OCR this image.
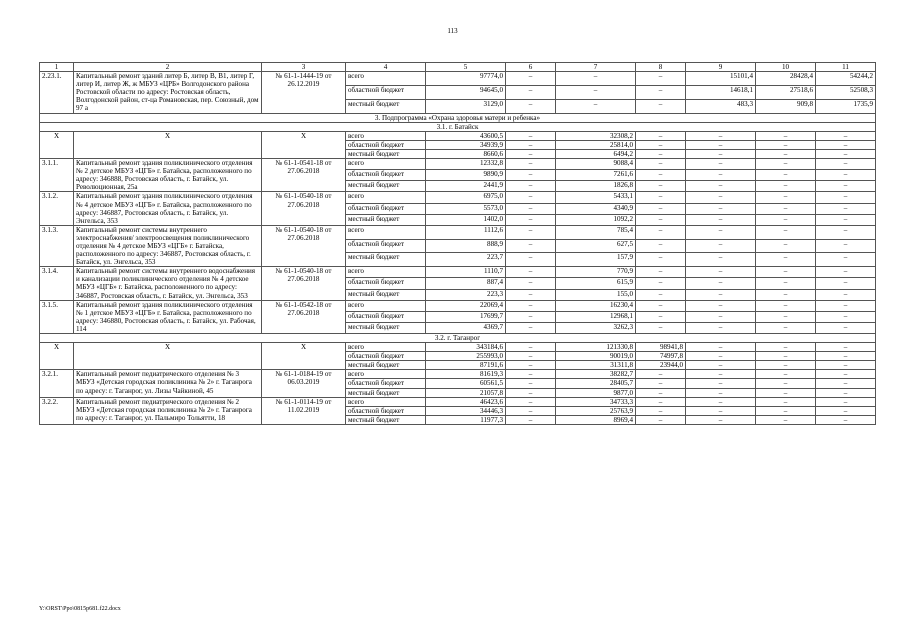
113
1	2	3	4	5	6	7	8	9	10	11
2.23.1.	Капитальный ремонт зданий литер Б, литер В, В1, литер Г, литер И, литер Ж, ж МБУЗ «ЦРБ» Волгодонского района Ростовской области по адресу: Ростовская область, Волгодонской район, ст-ца Романовская, пер. Союзный, дом 97 а	№ 61-1-1444-19 от 26.12.2019	всего	97774,0	–	–	–	15101,4	28428,4	54244,2
			областной бюджет	94645,0	–	–	–	14618,1	27518,6	52508,3
			местный бюджет	3129,0	–	–	–	483,3	909,8	1735,9
3. Подпрограмма «Охрана здоровья матери и ребенка»										
3.1. г. Батайск										
Х	Х	Х	всего	43600,5	–	32308,2	–	–	–	–
			областной бюджет	34939,9	–	25814,0	–	–	–	–
			местный бюджет	8660,6	–	6494,2	–	–	–	–
3.1.1.	Капитальный ремонт здания поликлинического отделения № 2 детское МБУЗ «ЦГБ» г. Батайска, расположенного по адресу: 346888, Ростовская область, г. Батайск, ул. Революционная, 25а	№ 61-1-0541-18 от 27.06.2018	всего	12332,8	–	9088,4	–	–	–	–
			областной бюджет	9890,9	–	7261,6	–	–	–	–
			местный бюджет	2441,9	–	1826,8	–	–	–	–
3.1.2.	Капитальный ремонт здания поликлинического отделения № 4 детское МБУЗ «ЦГБ» г. Батайска, расположенного по адресу: 346887, Ростовская область, г. Батайск, ул. Энгельса, 353	№ 61-1-0540-18 от 27.06.2018	всего	6975,0	–	5433,1	–	–	–	–
			областной бюджет	5573,0	–	4340,9	–	–	–	–
			местный бюджет	1402,0	–	1092,2	–	–	–	–
3.1.3.	Капитальный ремонт системы внутреннего электроснабжения/ электроосвещения поликлинического отделения № 4 детское МБУЗ «ЦГБ» г. Батайска, расположенного по адресу: 346887, Ростовская область, г. Батайск, ул. Энгельса, 353	№ 61-1-0540-18 от 27.06.2018	всего	1112,6	–	785,4	–	–	–	–
			областной бюджет	888,9	–	627,5	–	–	–	–
			местный бюджет	223,7	–	157,9	–	–	–	–
3.1.4.	Капитальный ремонт системы внутреннего водоснабжения и канализации поликлинического отделения № 4 детское МБУЗ «ЦГБ» г. Батайска, расположенного по адресу: 346887, Ростовская область, г. Батайск, ул. Энгельса, 353	№ 61-1-0540-18 от 27.06.2018	всего	1110,7	–	770,9	–	–	–	–
			областной бюджет	887,4	–	615,9	–	–	–	–
			местный бюджет	223,3	–	155,0	–	–	–	–
3.1.5.	Капитальный ремонт здания поликлинического отделения № 1 детское МБУЗ «ЦГБ» г. Батайска, расположенного по адресу: 346880, Ростовская область, г. Батайск, ул. Рабочая, 114	№ 61-1-0542-18 от 27.06.2018	всего	22069,4	–	16230,4	–	–	–	–
			областной бюджет	17699,7	–	12968,1	–	–	–	–
			местный бюджет	4369,7	–	3262,3	–	–	–	–
3.2. г. Таганрог										
Х	Х	Х	всего	343184,6	–	121330,8	98941,8	–	–	–
			областной бюджет	255993,0	–	90019,0	74997,8	–	–	–
			местный бюджет	87191,6	–	31311,8	23944,0	–	–	–
3.2.1.	Капитальный ремонт педиатрического отделения № 3 МБУЗ «Детская городская поликлиника № 2» г. Таганрога по адресу: г. Таганрог, ул. Лизы Чайкиной, 45	№ 61-1-0184-19 от 06.03.2019	всего	81619,3	–	38282,7	–	–	–	–
			областной бюджет	60561,5	–	28405,7	–	–	–	–
			местный бюджет	21057,8	–	9877,0	–	–	–	–
3.2.2.	Капитальный ремонт педиатрического отделения № 2 МБУЗ «Детская городская поликлиника № 2» г. Таганрога по адресу: г. Таганрог, ул. Пальмиро Тольятти, 18	№ 61-1-0114-19 от 11.02.2019	всего	46423,6	–	34733,3	–	–	–	–
			областной бюджет	34446,3	–	25763,9	–	–	–	–
			местный бюджет	11977,3	–	8969,4	–	–	–	–
Y:\ORST\Ppo\0815p681.f22.docx
